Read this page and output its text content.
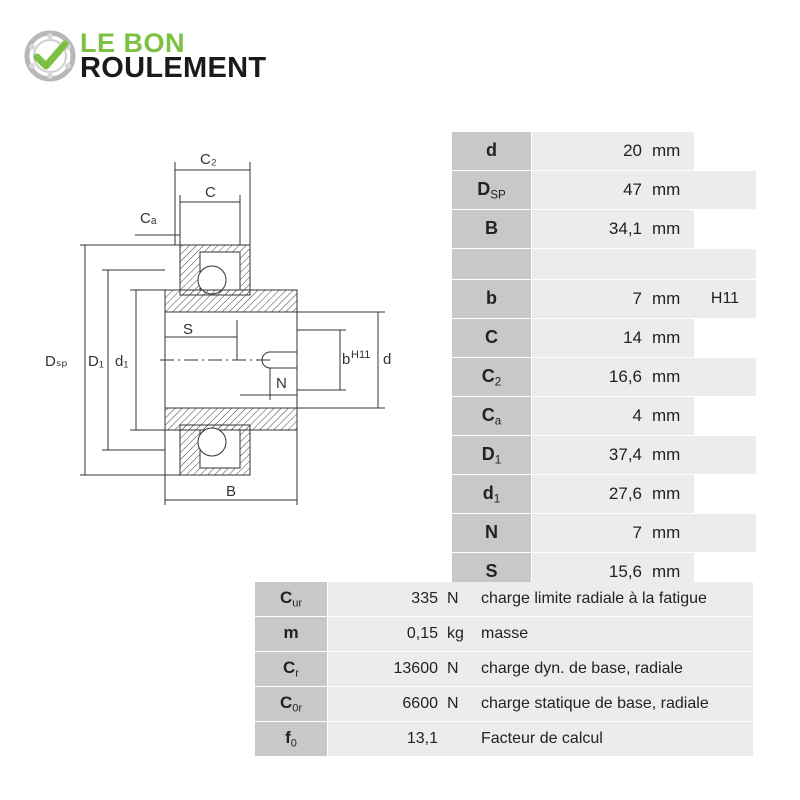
LE BON
ROULEMENT
C₂
C
Cₐ
Dₛₚ D₁ d₁
S
N
B
b H11 d
d	20	mm	
$D_{SP}$	47	mm	
B	34,1	mm	

b	7	mm	H11
C	14	mm	
$C_2$	16,6	mm	
$C_a$	4	mm	
$D_1$	37,4	mm	
$d_1$	27,6	mm	
N	7	mm	
S	15,6	mm	
$C_{ur}$	335	N	charge limite radiale à la fatigue
m	0,15	kg	masse
$C_r$	13600	N	charge dyn. de base, radiale
$C_{0r}$	6600	N	charge statique de base, radiale
$f_0$	13,1		Facteur de calcul
